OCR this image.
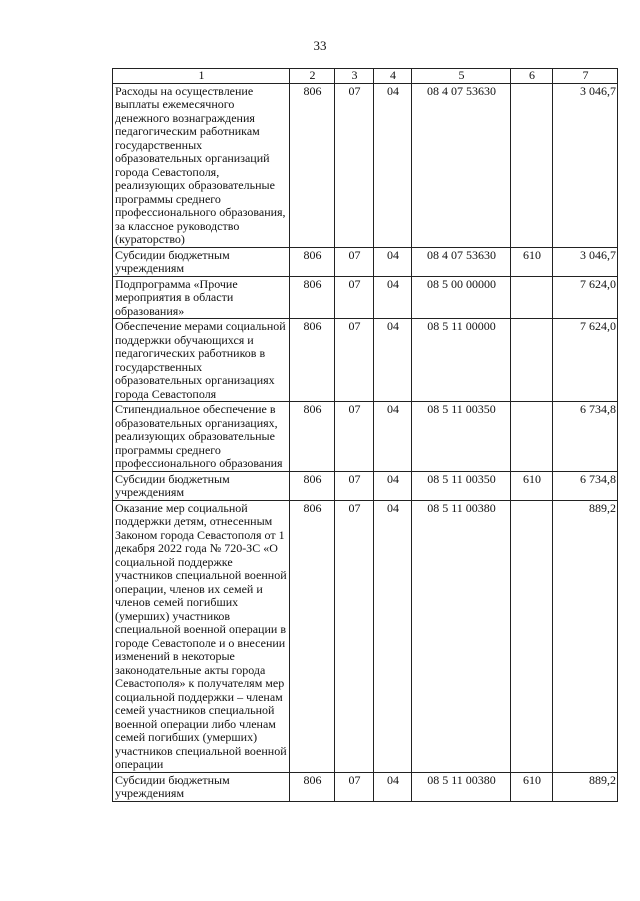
33
1	2	3	4	5	6	7
Расходы на осуществление выплаты ежемесячного денежного вознаграждения педагогическим работникам государственных образовательных организаций города Севастополя, реализующих образовательные программы среднего профессионального образования, за классное руководство (кураторство)	806	07	04	08 4 07 53630		3 046,7
Субсидии бюджетным учреждениям	806	07	04	08 4 07 53630	610	3 046,7
Подпрограмма «Прочие мероприятия в области образования»	806	07	04	08 5 00 00000		7 624,0
Обеспечение мерами социальной поддержки обучающихся и педагогических работников в государственных образовательных организациях города Севастополя	806	07	04	08 5 11 00000		7 624,0
Стипендиальное обеспечение в образовательных организациях, реализующих образовательные программы среднего профессионального образования	806	07	04	08 5 11 00350		6 734,8
Субсидии бюджетным учреждениям	806	07	04	08 5 11 00350	610	6 734,8
Оказание мер социальной поддержки детям, отнесенным Законом города Севастополя от 1 декабря 2022 года № 720-ЗС «О социальной поддержке участников специальной военной операции, членов их семей и членов семей погибших (умерших) участников специальной военной операции в городе Севастополе и о внесении изменений в некоторые законодательные акты города Севастополя» к получателям мер социальной поддержки – членам семей участников специальной военной операции либо членам семей погибших (умерших) участников специальной военной операции	806	07	04	08 5 11 00380		889,2
Субсидии бюджетным учреждениям	806	07	04	08 5 11 00380	610	889,2
